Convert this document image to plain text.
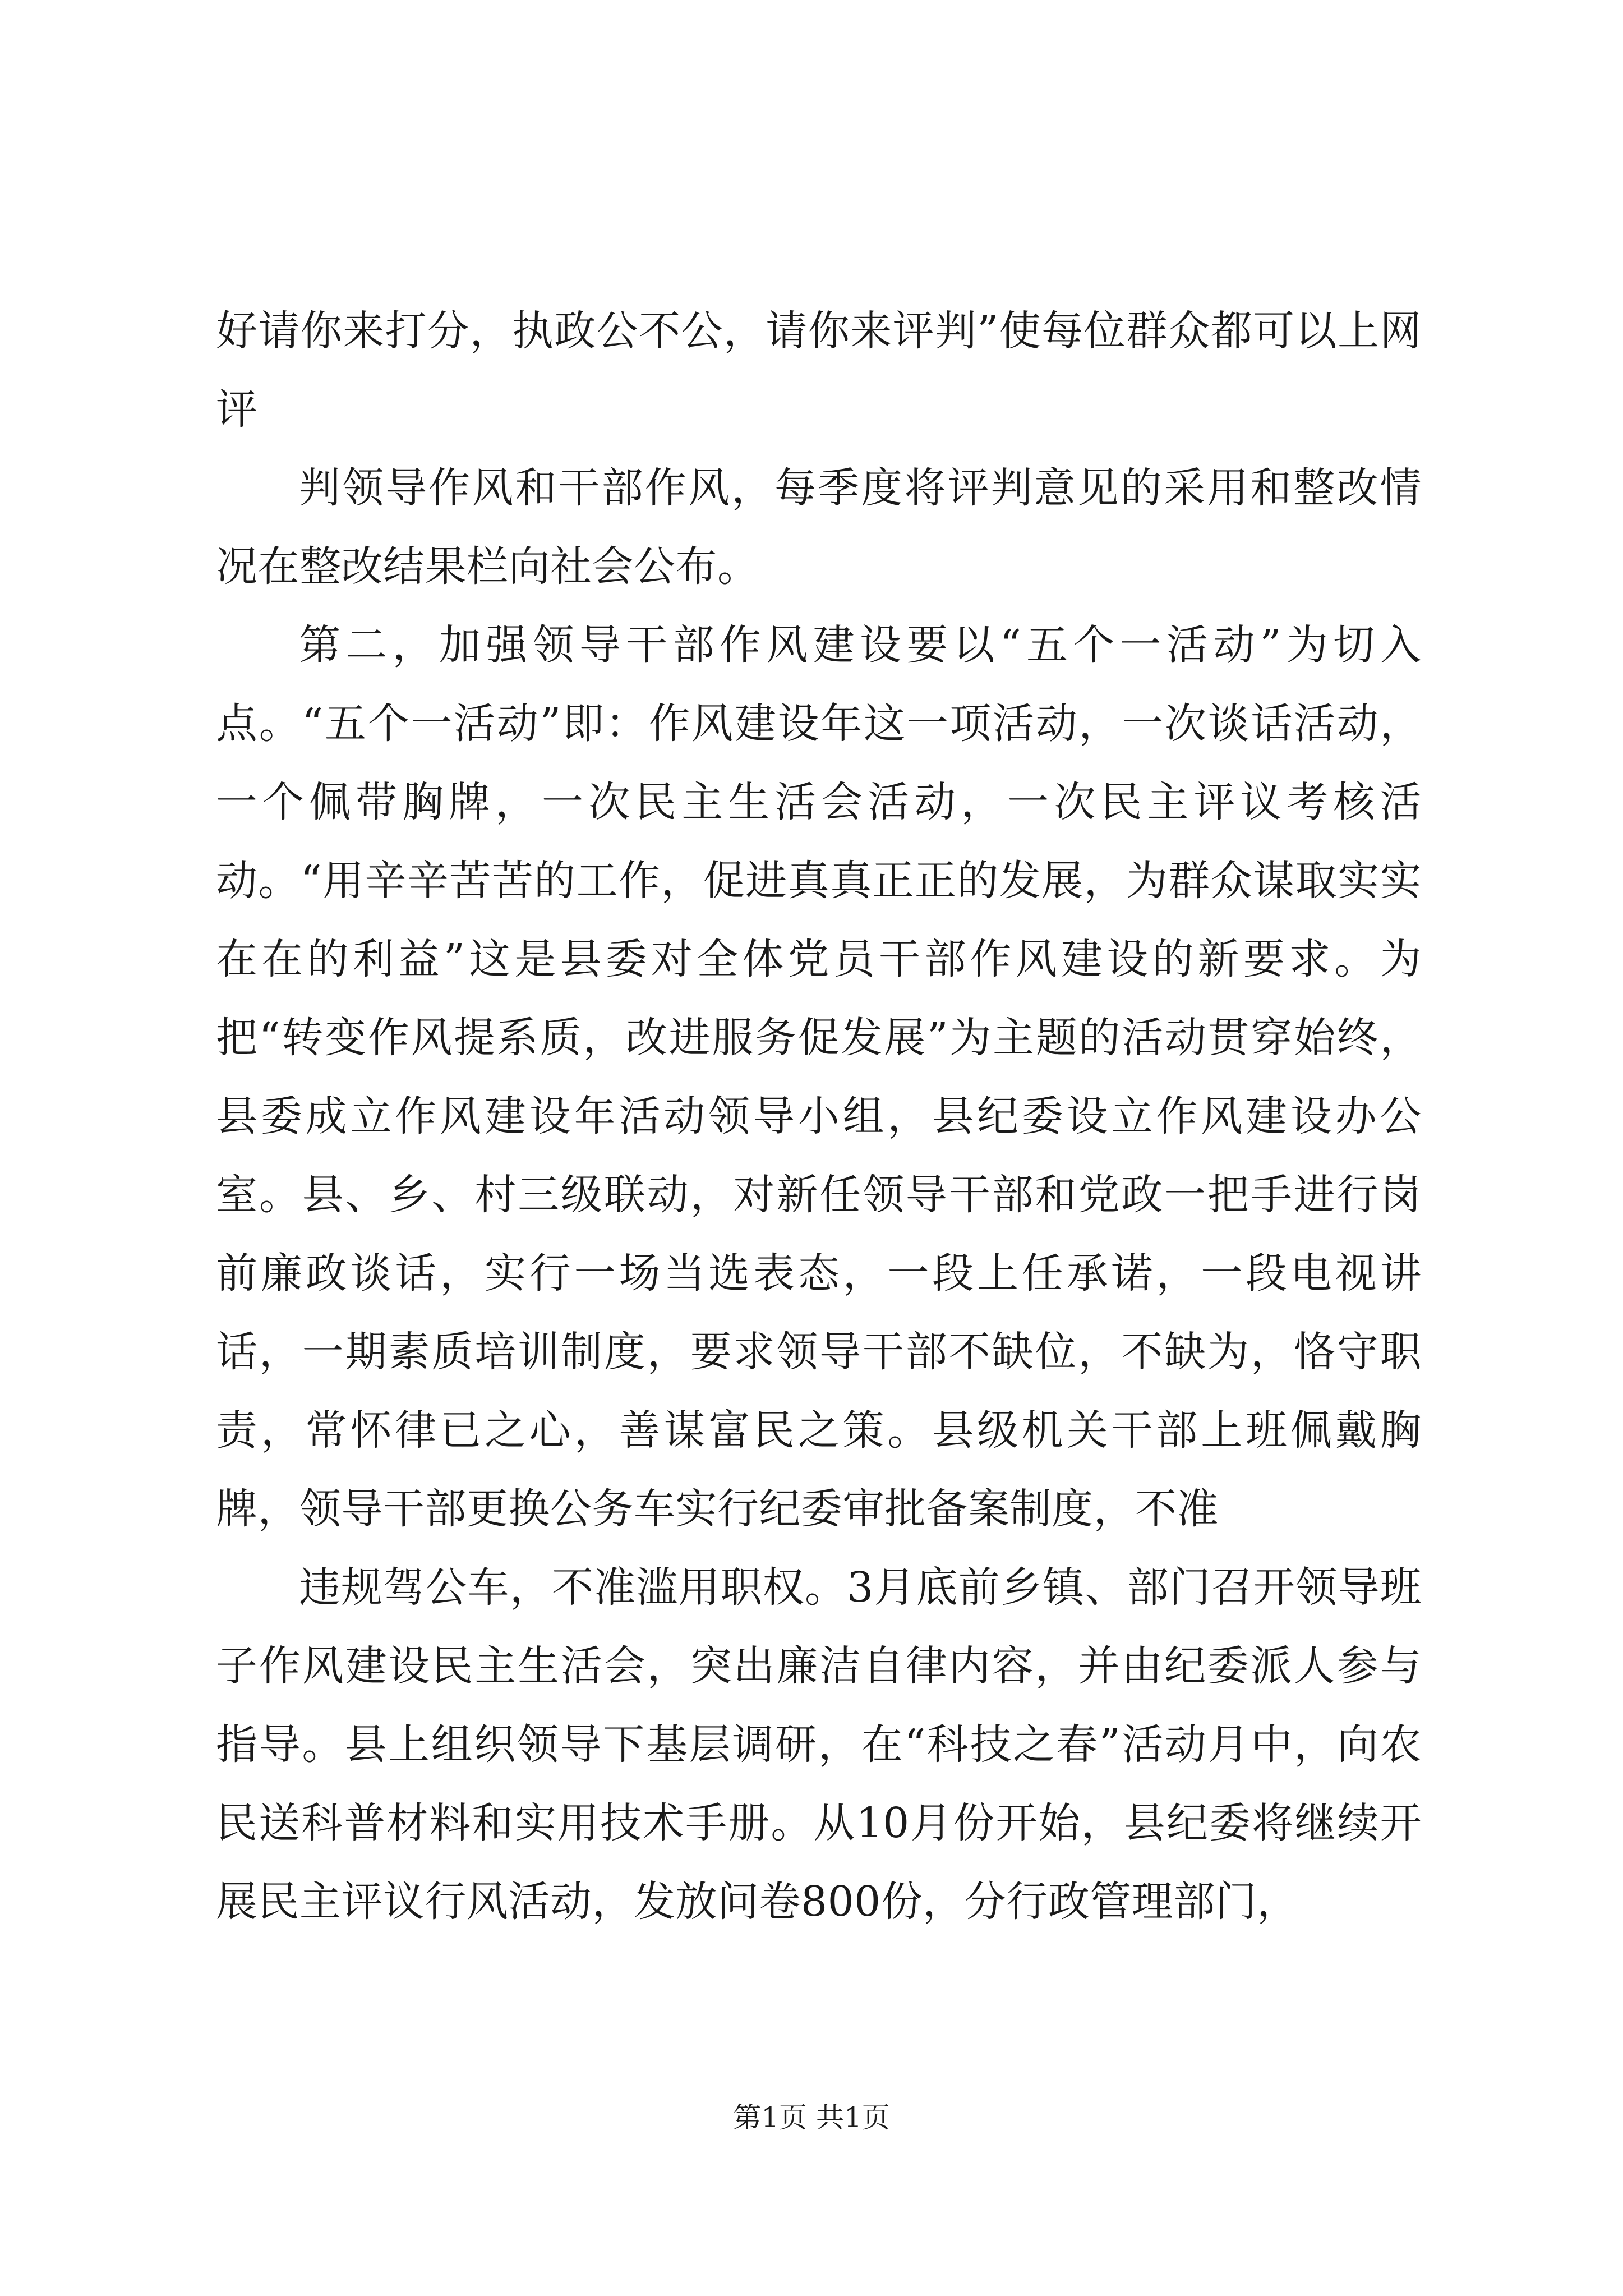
好请你来打分，执政公不公，请你来评判”使每位群众都可以上网评

判领导作风和干部作风，每季度将评判意见的采用和整改情况在整改结果栏向社会公布。

第二，加强领导干部作风建设要以“五个一活动”为切入点。“五个一活动”即：作风建设年这一项活动，一次谈话活动，一个佩带胸牌，一次民主生活会活动，一次民主评议考核活动。“用辛辛苦苦的工作，促进真真正正的发展，为群众谋取实实在在的利益”这是县委对全体党员干部作风建设的新要求。为把“转变作风提系质，改进服务促发展”为主题的活动贯穿始终，县委成立作风建设年活动领导小组，县纪委设立作风建设办公室。县、乡、村三级联动，对新任领导干部和党政一把手进行岗前廉政谈话，实行一场当选表态，一段上任承诺，一段电视讲话，一期素质培训制度，要求领导干部不缺位，不缺为，恪守职责，常怀律已之心，善谋富民之策。县级机关干部上班佩戴胸牌，领导干部更换公务车实行纪委审批备案制度，不准

违规驾公车，不准滥用职权。3月底前乡镇、部门召开领导班子作风建设民主生活会，突出廉洁自律内容，并由纪委派人参与指导。县上组织领导下基层调研，在“科技之春”活动月中，向农民送科普材料和实用技术手册。从10月份开始，县纪委将继续开展民主评议行风活动，发放问卷800份，分行政管理部门，

第1页 共1页
